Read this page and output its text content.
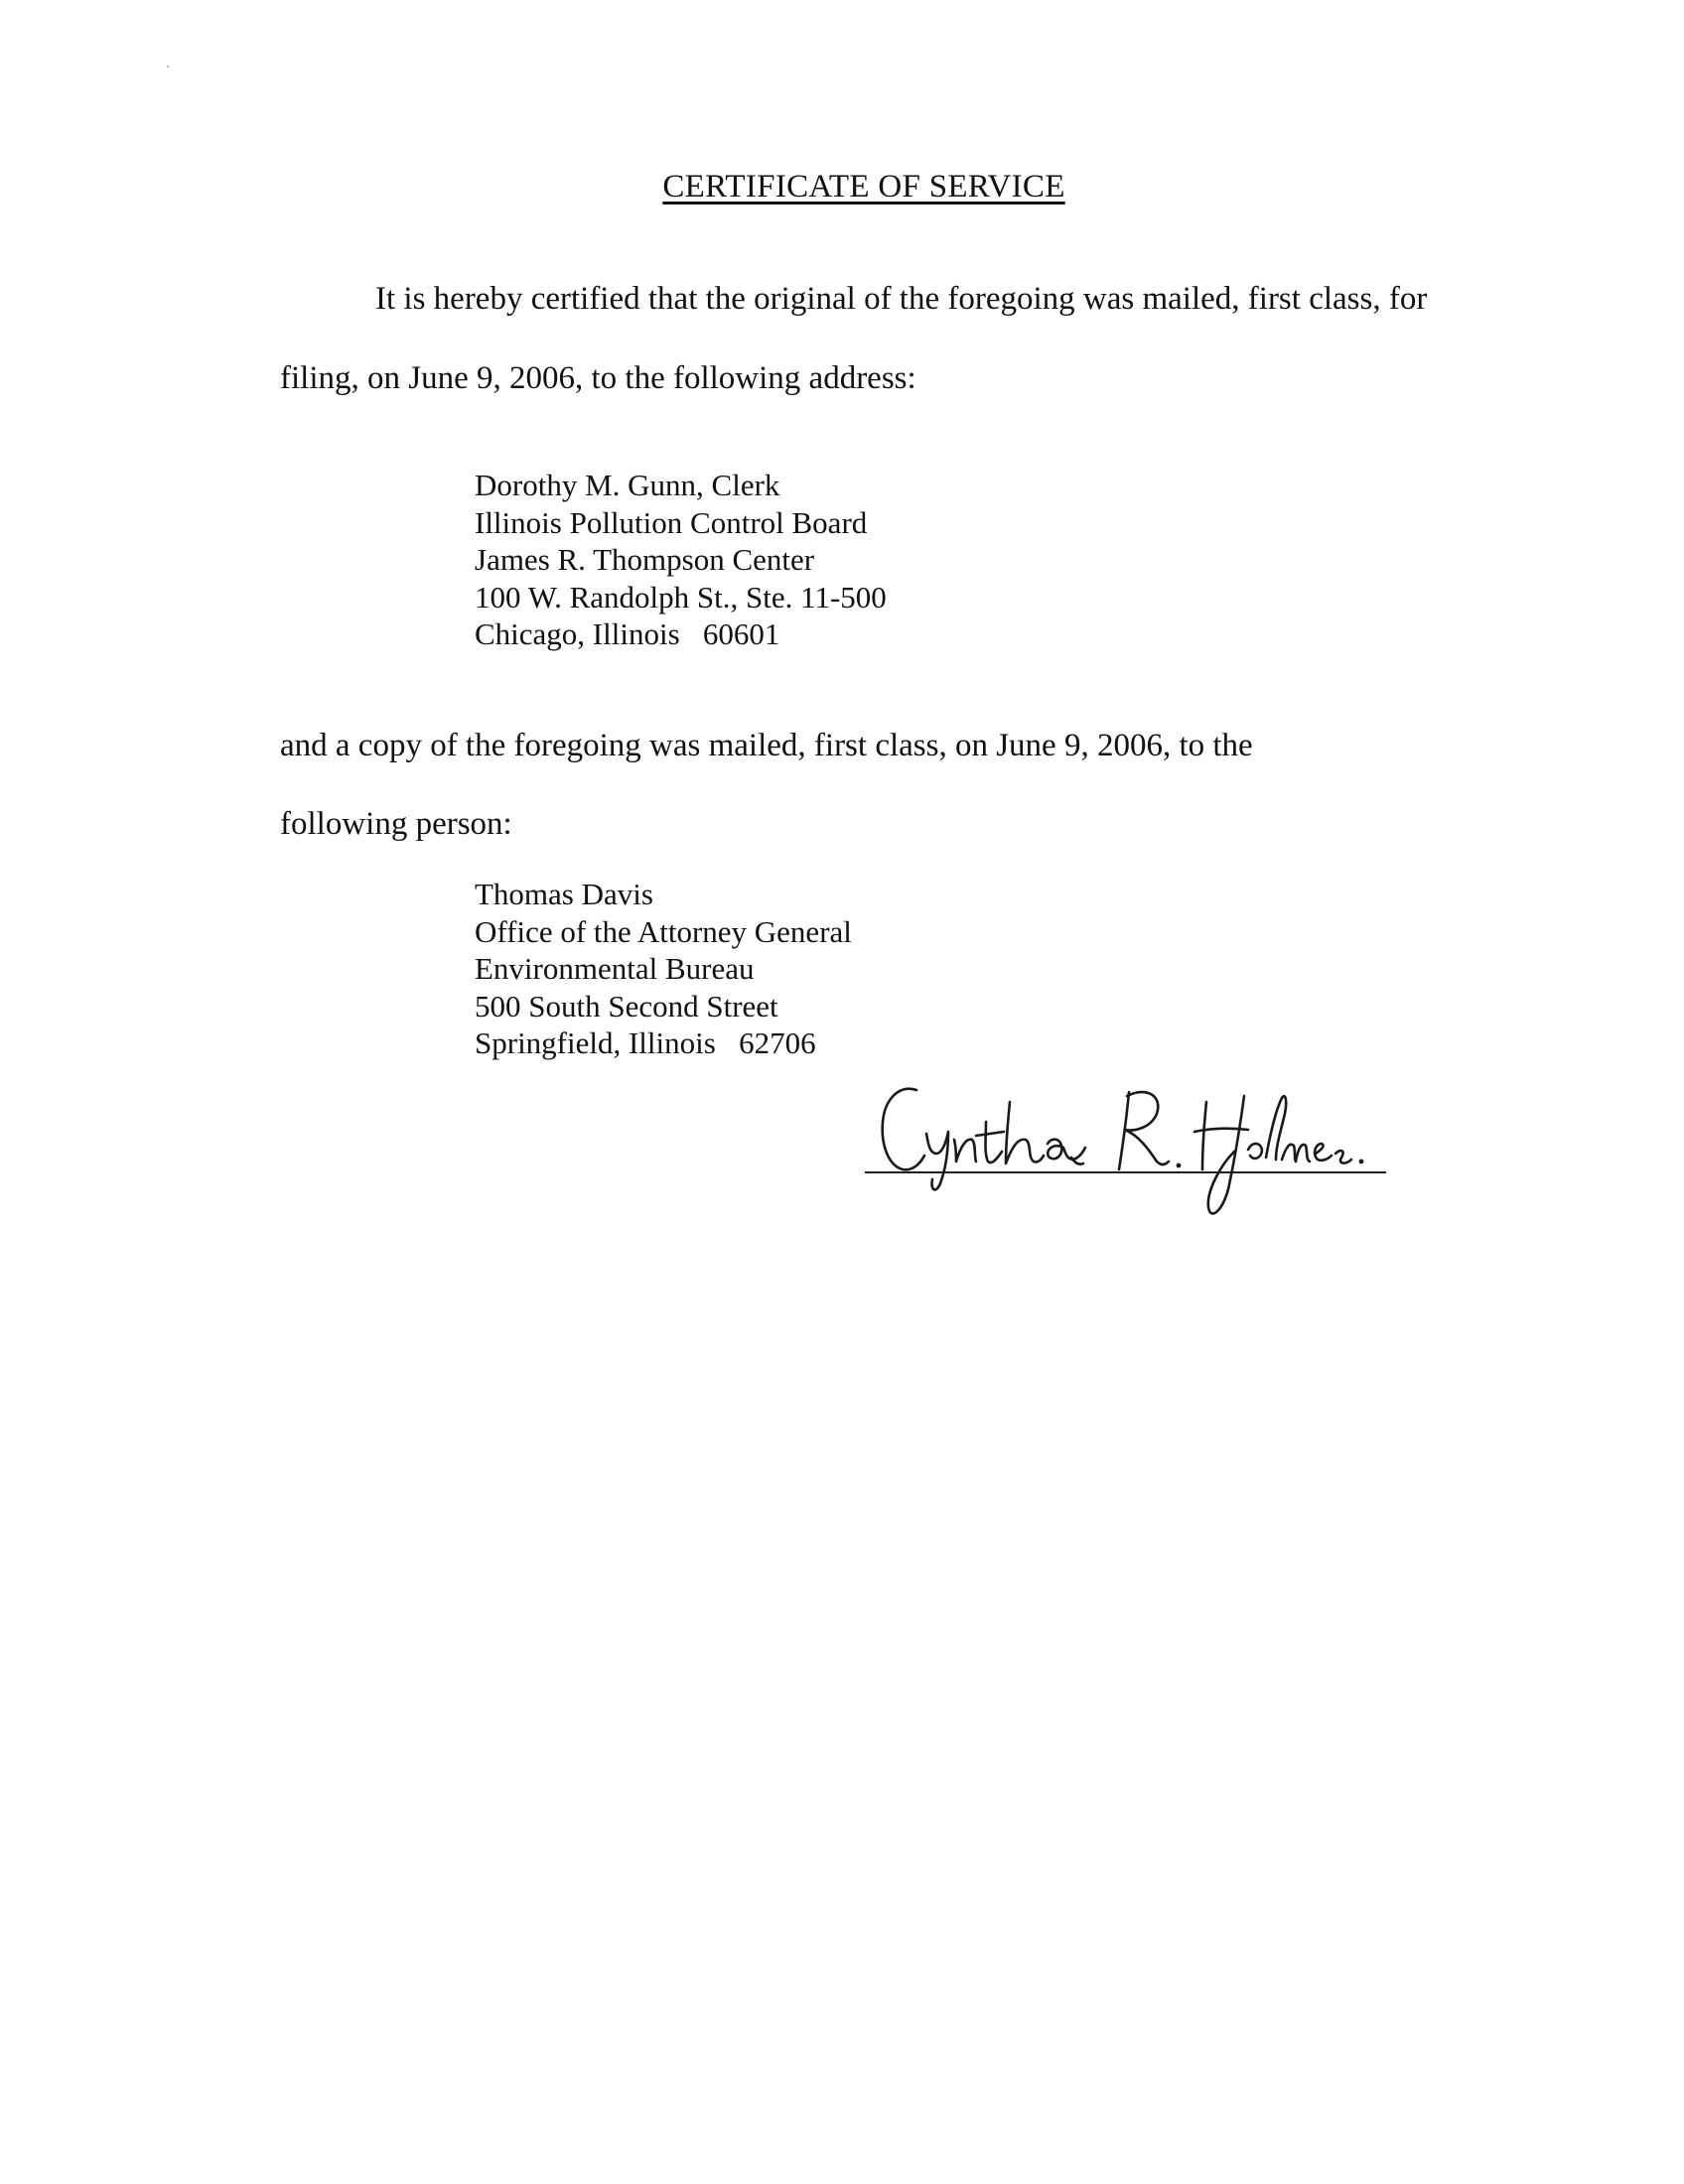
CERTIFICATE OF SERVICE
It is hereby certified that the original of the foregoing was mailed, first class, for
filing, on June 9, 2006, to the following address:
Dorothy M. Gunn, Clerk
Illinois Pollution Control Board
James R. Thompson Center
100 W. Randolph St., Ste. 11-500
Chicago, Illinois   60601
and a copy of the foregoing was mailed, first class, on June 9, 2006, to the
following person:
Thomas Davis
Office of the Attorney General
Environmental Bureau
500 South Second Street
Springfield, Illinois   62706
